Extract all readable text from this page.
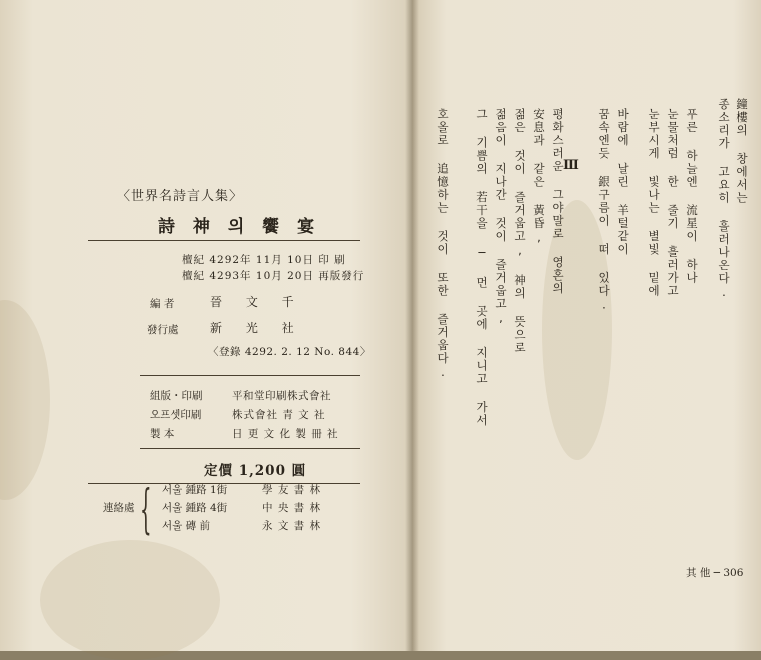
〈世界名詩言人集〉
詩 神 의 饗 宴
檀紀 4292年 11月 10日 印 刷
檀紀 4293年 10月 20日 再版發行
編 者	晉 文 千
發行處	新 光 社
〈登錄 4292. 2. 12 No. 844〉
組版・印刷	平和堂印刷株式會社
오프셋印刷	株式會社 青 文 社
製 本	日 更 文 化 製 冊 社
定價 1,200 圓
連絡處 { 서울 鍾路 1街	學 友 書 林
서울 鍾路 4街	中 央 書 林
서울 磚 前	永 文 書 林
鐘樓의 창에서는
종소리가 고요히 흘러나온다.
푸른 하늘엔 流星이 하나
눈물처럼 한 줄기 흘러가고
눈부시게 빛나는 별빛 밑에
바람에 날린 羊털같이
꿈속엔듯 銀구름이 떠 있다.
Ⅲ
평화스러운 그야말로 영혼의
安息과 같은 黃昏,
젊은 것이 즐거웁고, 神의 뜻으로
젊음이 지나간 것이 즐거웁고,
그 기쁨의 若干을 ─ 먼 곳에 지니고 가서
호올로 追憶하는 것이 또한 즐거웁다.
其 他 ─ 306
